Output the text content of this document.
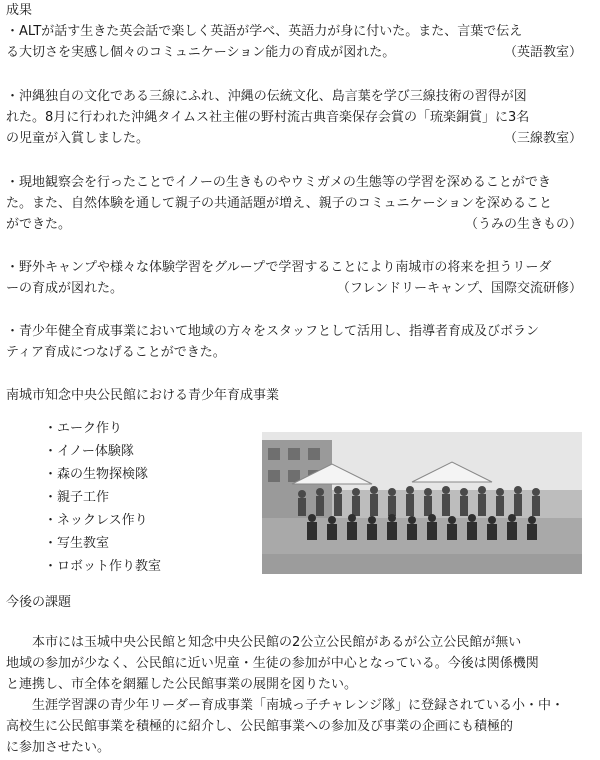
成果
・ALTが話す生きた英会話で楽しく英語が学べ、英語力が身に付いた。また、言葉で伝え
る大切さを実感し個々のコミュニケーション能力の育成が図れた。	（英語教室）
・沖縄独自の文化である三線にふれ、沖縄の伝統文化、島言葉を学び三線技術の習得が図
れた。8月に行われた沖縄タイムス社主催の野村流古典音楽保存会賞の「琉楽銅賞」に3名
の児童が入賞しました。	（三線教室）
・現地観察会を行ったことでイノーの生きものやウミガメの生態等の学習を深めることができ
た。また、自然体験を通して親子の共通話題が増え、親子のコミュニケーションを深めること
ができた。	（うみの生きもの）
・野外キャンプや様々な体験学習をグループで学習することにより南城市の将来を担うリーダ
ーの育成が図れた。	（フレンドリーキャンプ、国際交流研修）
・青少年健全育成事業において地域の方々をスタッフとして活用し、指導者育成及びボラン
ティア育成につなげることができた。
南城市知念中央公民館における青少年育成事業
・エーク作り
・イノー体験隊
・森の生物探検隊
・親子工作
・ネックレス作り
・写生教室
・ロボット作り教室
今後の課題
本市には玉城中央公民館と知念中央公民館の2公立公民館があるが公立公民館が無い
地域の参加が少なく、公民館に近い児童・生徒の参加が中心となっている。今後は関係機関
と連携し、市全体を網羅した公民館事業の展開を図りたい。
生涯学習課の青少年リーダー育成事業「南城っ子チャレンジ隊」に登録されている小・中・
高校生に公民館事業を積極的に紹介し、公民館事業への参加及び事業の企画にも積極的
に参加させたい。
